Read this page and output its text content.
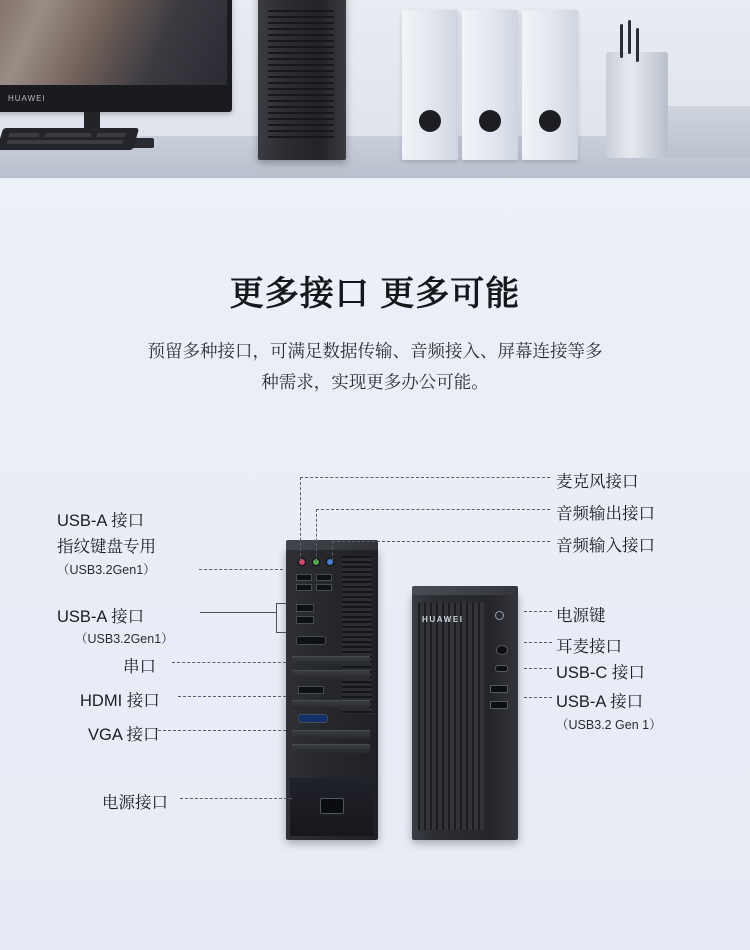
HUAWEI
更多接口 更多可能
预留多种接口，可满足数据传输、音频接入、屏幕连接等多
种需求，实现更多办公可能。
HUAWEI
USB-A 接口
指纹键盘专用
（USB3.2Gen1）
USB-A 接口
（USB3.2Gen1）
串口
HDMI 接口
VGA 接口
电源接口
麦克风接口
音频输出接口
音频输入接口
电源键
耳麦接口
USB-C 接口
USB-A 接口
（USB3.2 Gen 1）
